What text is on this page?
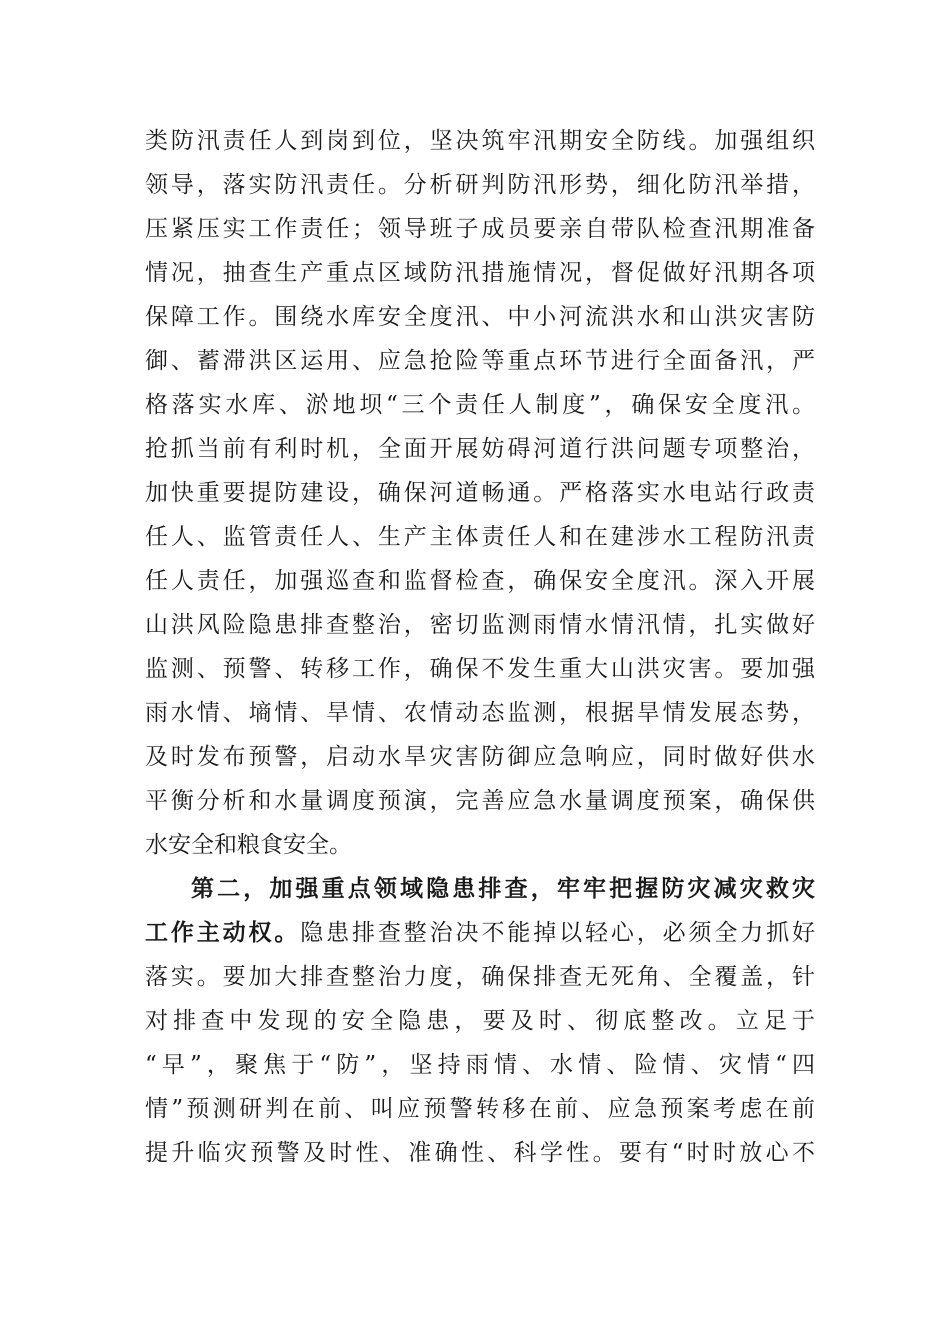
类防汛责任人到岗到位，坚决筑牢汛期安全防线。加强组织
领导，落实防汛责任。分析研判防汛形势，细化防汛举措，
压紧压实工作责任；领导班子成员要亲自带队检查汛期准备
情况，抽查生产重点区域防汛措施情况，督促做好汛期各项
保障工作。围绕水库安全度汛、中小河流洪水和山洪灾害防
御、蓄滞洪区运用、应急抢险等重点环节进行全面备汛，严
格落实水库、淤地坝“三个责任人制度”，确保安全度汛。
抢抓当前有利时机，全面开展妨碍河道行洪问题专项整治，
加快重要提防建设，确保河道畅通。严格落实水电站行政责
任人、监管责任人、生产主体责任人和在建涉水工程防汛责
任人责任，加强巡查和监督检查，确保安全度汛。深入开展
山洪风险隐患排查整治，密切监测雨情水情汛情，扎实做好
监测、预警、转移工作，确保不发生重大山洪灾害。要加强
雨水情、墒情、旱情、农情动态监测，根据旱情发展态势，
及时发布预警，启动水旱灾害防御应急响应，同时做好供水
平衡分析和水量调度预演，完善应急水量调度预案，确保供
水安全和粮食安全。
第二，加强重点领域隐患排查，牢牢把握防灾减灾救灾
工作主动权。隐患排查整治决不能掉以轻心，必须全力抓好
落实。要加大排查整治力度，确保排查无死角、全覆盖，针
对排查中发现的安全隐患，要及时、彻底整改。立足于
“早”，聚焦于“防”，坚持雨情、水情、险情、灾情“四
情”预测研判在前、叫应预警转移在前、应急预案考虑在前
提升临灾预警及时性、准确性、科学性。要有“时时放心不
